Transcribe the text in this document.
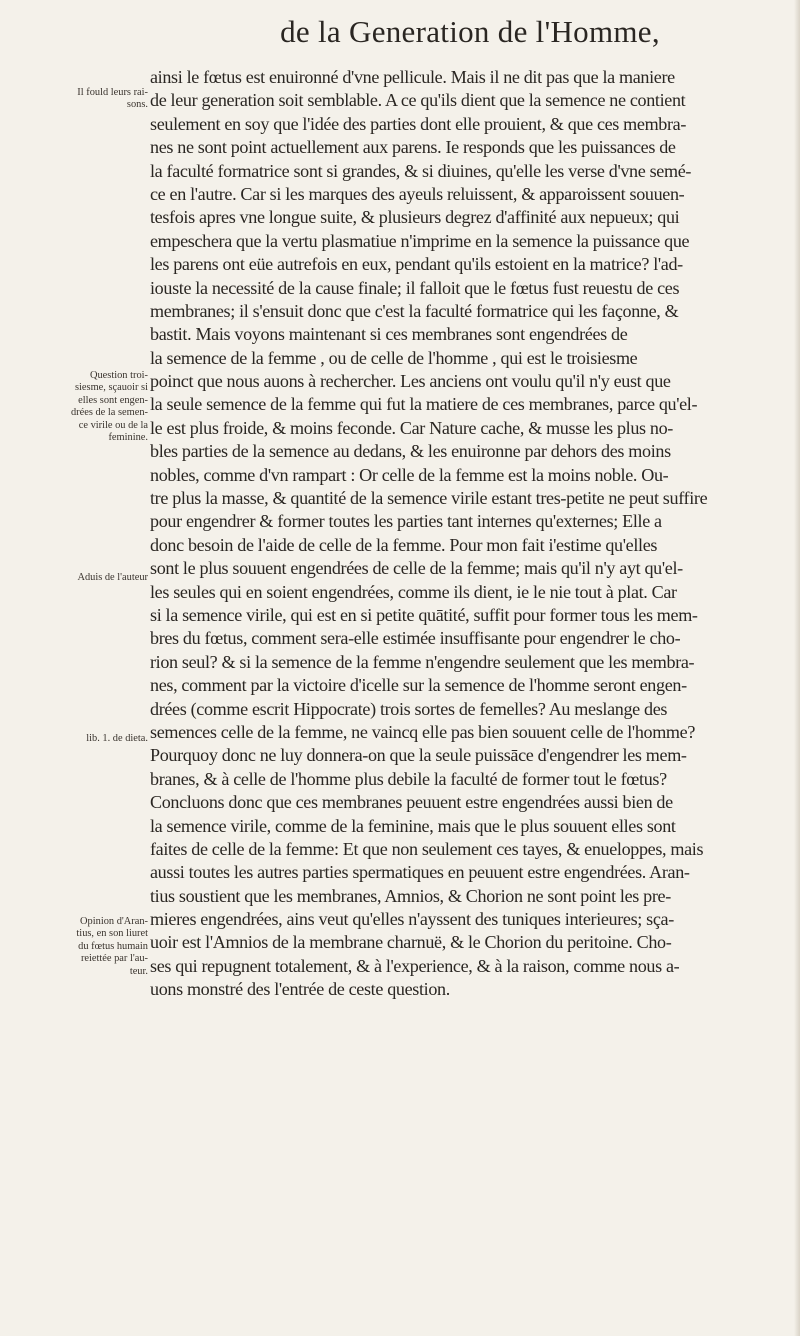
de la Generation de l'Homme,
ainsi le fœtus est enuironné d'vne pellicule. Mais il ne dit pas que la maniere
de leur generation soit semblable. A ce qu'ils dient que la semence ne contient
seulement en soy que l'idée des parties dont elle prouient, & que ces membra-
nes ne sont point actuellement aux parens. Ie responds que les puissances de
la faculté formatrice sont si grandes, & si diuines, qu'elle les verse d'vne semé-
ce en l'autre. Car si les marques des ayeuls reluissent, & apparoissent souuen-
tesfois apres vne longue suite, & plusieurs degrez d'affinité aux nepueux; qui
empeschera que la vertu plasmatiue n'imprime en la semence la puissance que
les parens ont eüe autrefois en eux, pendant qu'ils estoient en la matrice? l'ad-
iouste la necessité de la cause finale; il falloit que le fœtus fust reuestu de ces
membranes; il s'ensuit donc que c'est la faculté formatrice qui les façonne, &
bastit. Mais voyons maintenant si ces membranes sont engendrées de
la semence de la femme , ou de celle de l'homme , qui est le troisiesme
poinct que nous auons à rechercher. Les anciens ont voulu qu'il n'y eust que
la seule semence de la femme qui fut la matiere de ces membranes, parce qu'el-
le est plus froide, & moins feconde. Car Nature cache, & musse les plus no-
bles parties de la semence au dedans, & les enuironne par dehors des moins
nobles, comme d'vn rampart : Or celle de la femme est la moins noble. Ou-
tre plus la masse, & quantité de la semence virile estant tres-petite ne peut suffire
pour engendrer & former toutes les parties tant internes qu'externes; Elle a
donc besoin de l'aide de celle de la femme. Pour mon fait i'estime qu'elles
sont le plus souuent engendrées de celle de la femme; mais qu'il n'y ayt qu'el-
les seules qui en soient engendrées, comme ils dient, ie le nie tout à plat. Car
si la semence virile, qui est en si petite quātité, suffit pour former tous les mem-
bres du fœtus, comment sera-elle estimée insuffisante pour engendrer le cho-
rion seul? & si la semence de la femme n'engendre seulement que les membra-
nes, comment par la victoire d'icelle sur la semence de l'homme seront engen-
drées (comme escrit Hippocrate) trois sortes de femelles? Au meslange des
semences celle de la femme, ne vaincq elle pas bien souuent celle de l'homme?
Pourquoy donc ne luy donnera-on que la seule puissāce d'engendrer les mem-
branes, & à celle de l'homme plus debile la faculté de former tout le fœtus?
Concluons donc que ces membranes peuuent estre engendrées aussi bien de
la semence virile, comme de la feminine, mais que le plus souuent elles sont
faites de celle de la femme: Et que non seulement ces tayes, & enueloppes, mais
aussi toutes les autres parties spermatiques en peuuent estre engendrées. Aran-
tius soustient que les membranes, Amnios, & Chorion ne sont point les pre-
mieres engendrées, ains veut qu'elles n'ayssent des tuniques interieures; sça-
uoir est l'Amnios de la membrane charnuë, & le Chorion du peritoine. Cho-
ses qui repugnent totalement, & à l'experience, & à la raison, comme nous a-
uons monstré des l'entrée de ceste question.
Il fould leurs rai-
sons.
Question troi-
siesme, sçauoir si
elles sont engen-
drées de la semen-
ce virile ou de la
feminine.
Aduis de l'auteur
lib. 1. de dieta.
Opinion d'Aran-
tius, en son liuret
du fœtus humain
reiettée par l'au-
teur.
